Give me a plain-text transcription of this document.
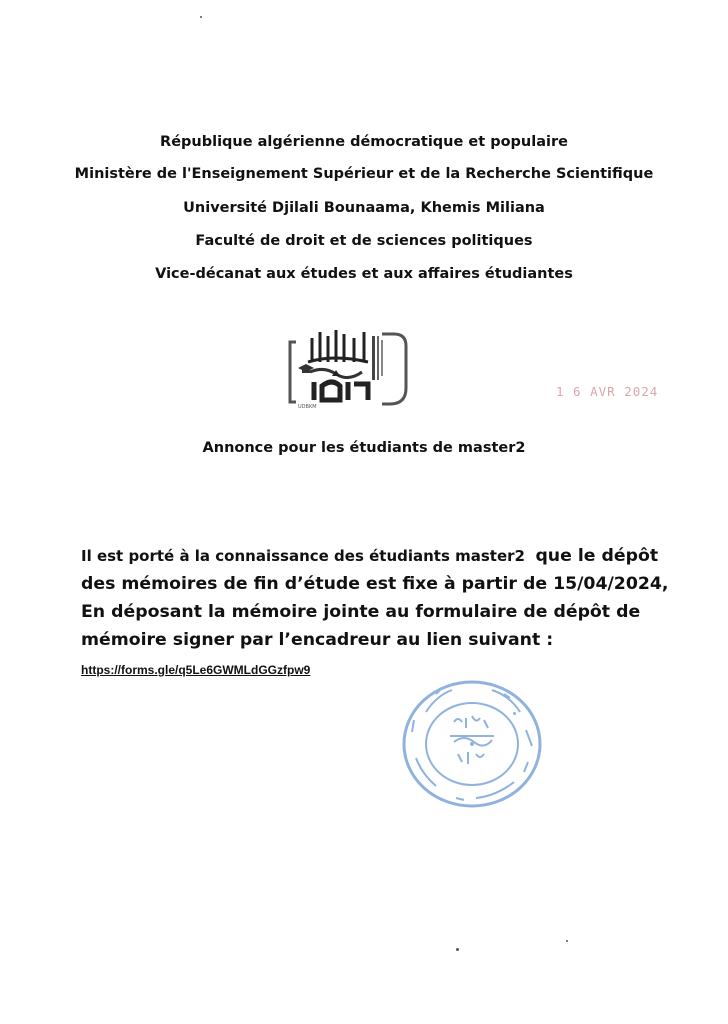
République algérienne démocratique et populaire
Ministère de l'Enseignement Supérieur et de la Recherche Scientifique
Université Djilali Bounaama, Khemis Miliana
Faculté de droit et de sciences politiques
Vice-décanat aux études et aux affaires étudiantes
UDBKM
1 6 AVR 2024
Annonce pour les étudiants de master2
Il est porté à la connaissance des étudiants master2 que le dépôt
des mémoires de fin d’étude est fixe à partir de 15/04/2024,
En déposant la mémoire jointe au formulaire de dépôt de
mémoire signer par l’encadreur au lien suivant :
https://forms.gle/q5Le6GWMLdGGzfpw9
